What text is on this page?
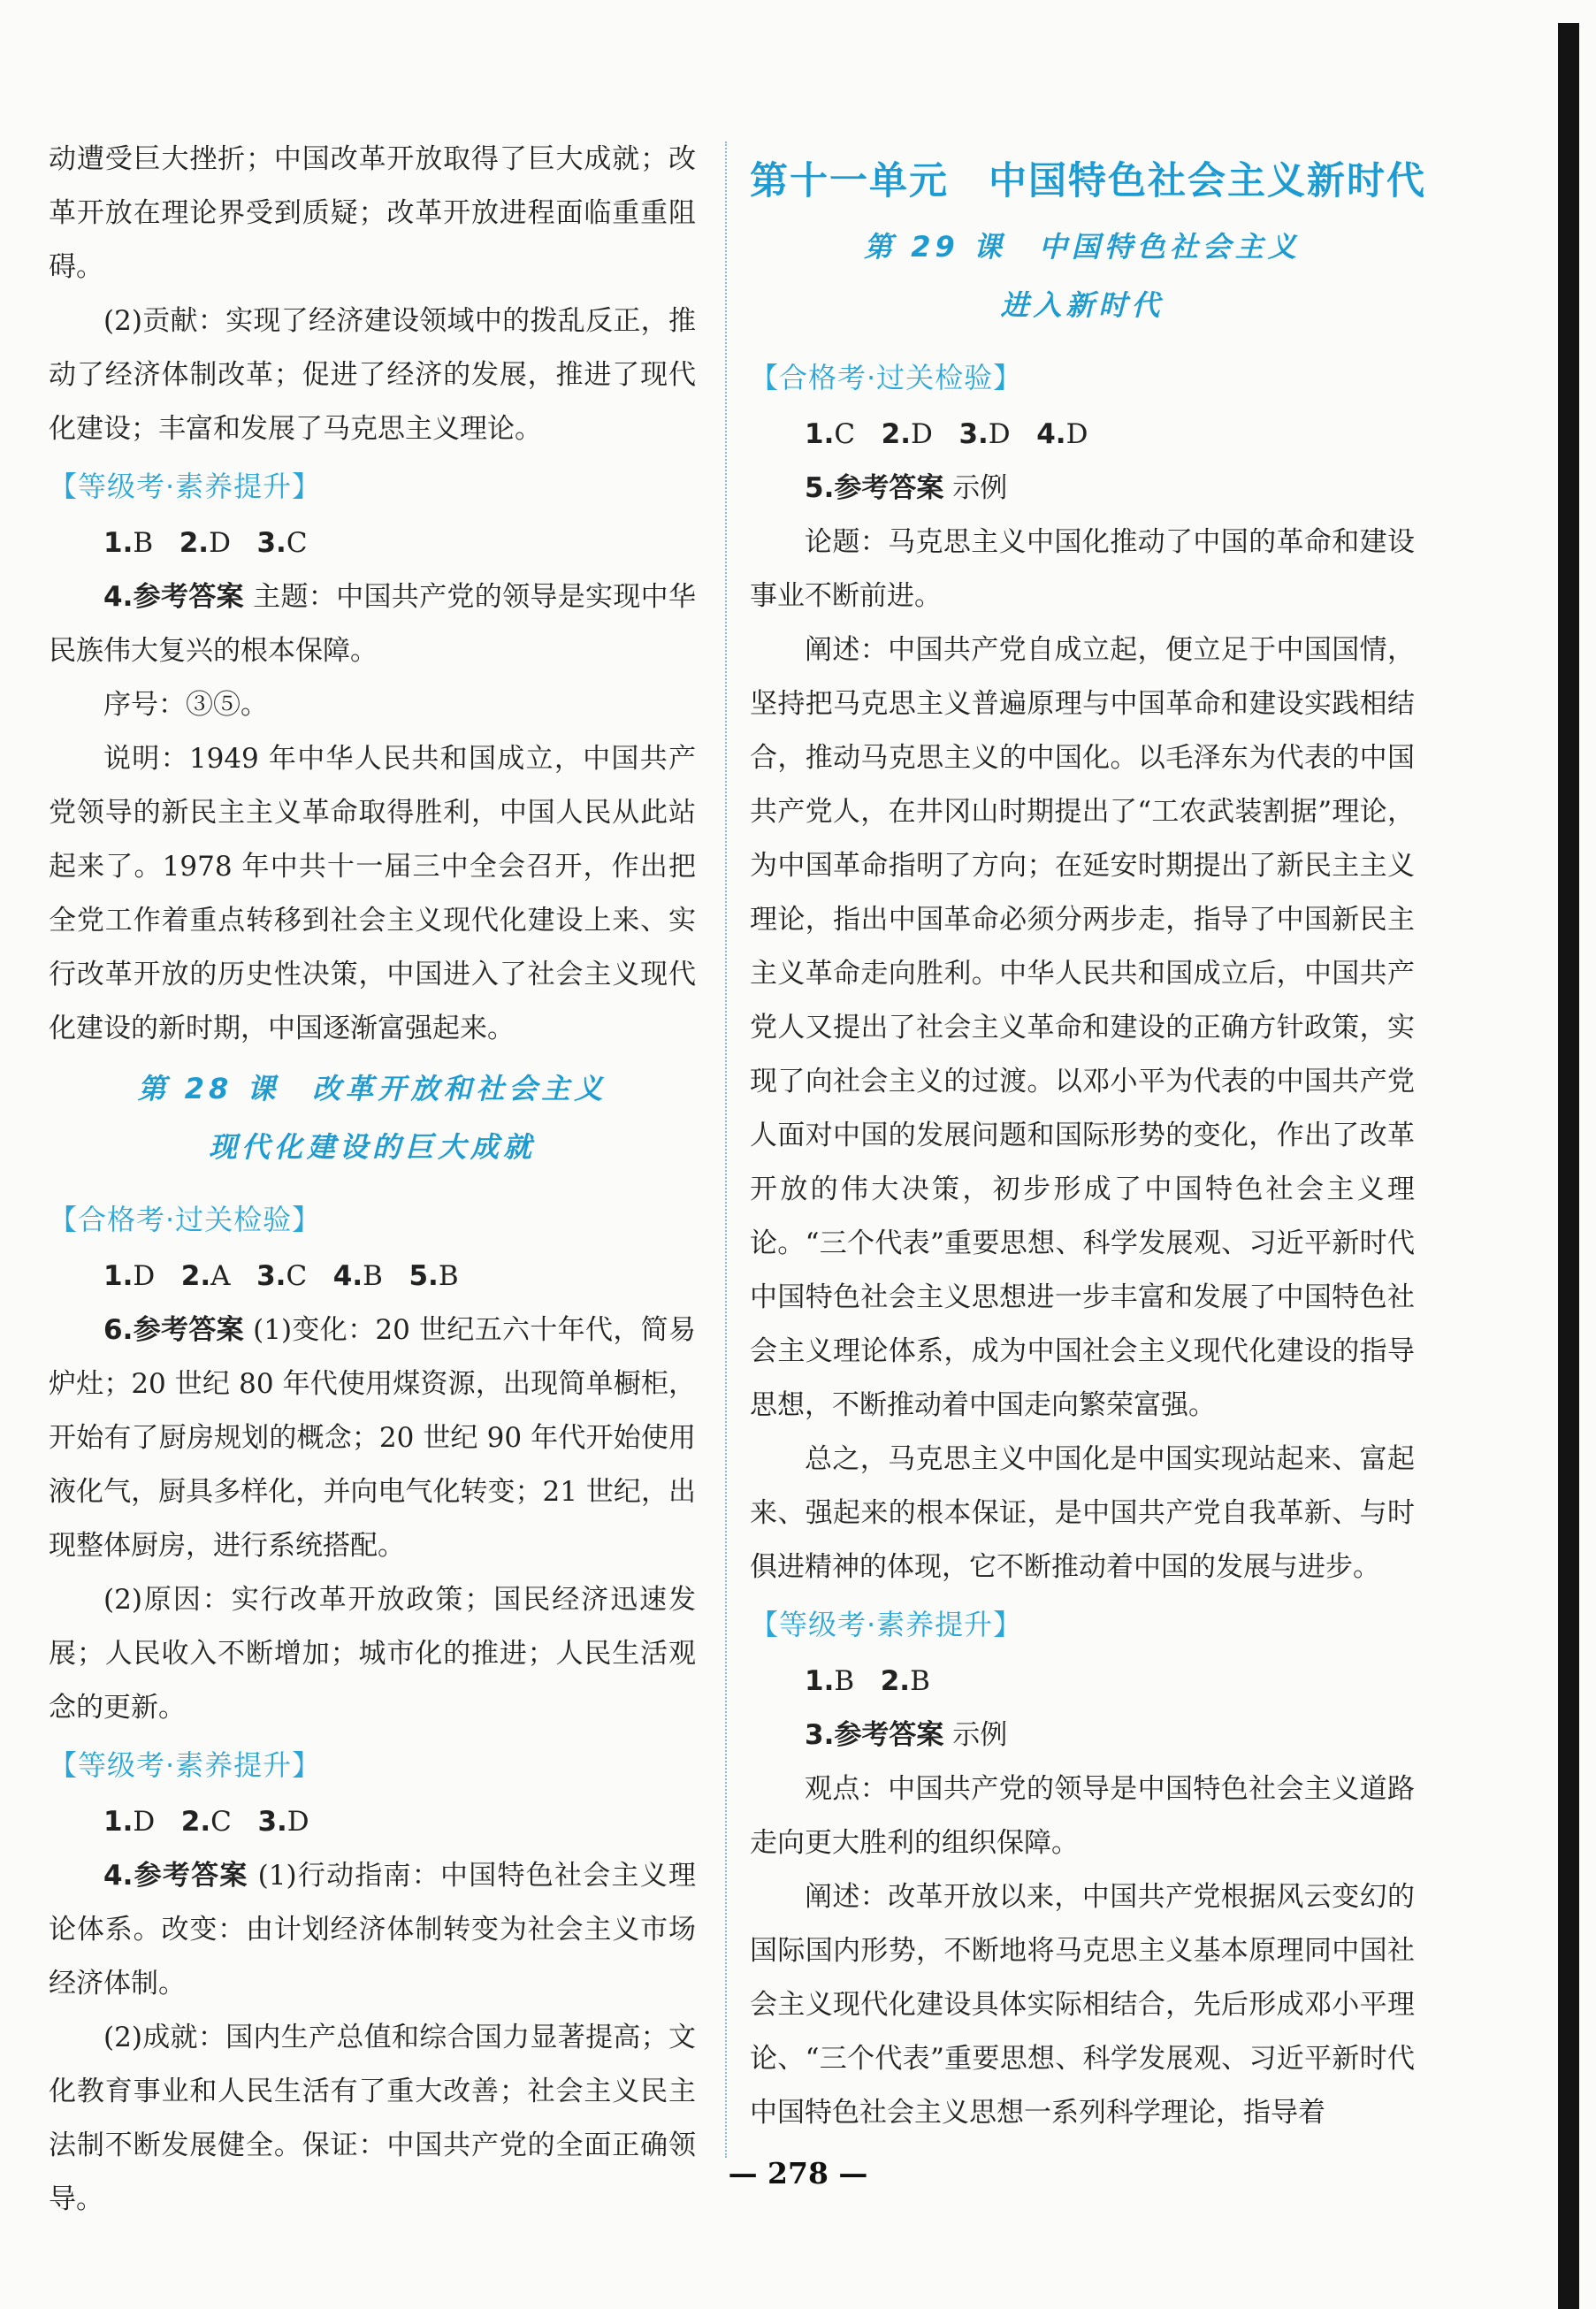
动遭受巨大挫折；中国改革开放取得了巨大成就；改革开放在理论界受到质疑；改革开放进程面临重重阻碍。

(2)贡献：实现了经济建设领域中的拨乱反正，推动了经济体制改革；促进了经济的发展，推进了现代化建设；丰富和发展了马克思主义理论。

【等级考·素养提升】
1.B 2.D 3.C

4.参考答案 主题：中国共产党的领导是实现中华民族伟大复兴的根本保障。

序号：③⑤。

说明：1949 年中华人民共和国成立，中国共产党领导的新民主主义革命取得胜利，中国人民从此站起来了。1978 年中共十一届三中全会召开，作出把全党工作着重点转移到社会主义现代化建设上来、实行改革开放的历史性决策，中国进入了社会主义现代化建设的新时期，中国逐渐富强起来。

第 28 课　改革开放和社会主义
现代化建设的巨大成就
【合格考·过关检验】
1.D 2.A 3.C 4.B 5.B

6.参考答案 (1)变化：20 世纪五六十年代，简易炉灶；20 世纪 80 年代使用煤资源，出现简单橱柜，开始有了厨房规划的概念；20 世纪 90 年代开始使用液化气，厨具多样化，并向电气化转变；21 世纪，出现整体厨房，进行系统搭配。

(2)原因：实行改革开放政策；国民经济迅速发展；人民收入不断增加；城市化的推进；人民生活观念的更新。

【等级考·素养提升】
1.D 2.C 3.D

4.参考答案 (1)行动指南：中国特色社会主义理论体系。改变：由计划经济体制转变为社会主义市场经济体制。

(2)成就：国内生产总值和综合国力显著提高；文化教育事业和人民生活有了重大改善；社会主义民主法制不断发展健全。保证：中国共产党的全面正确领导。

第十一单元　中国特色社会主义新时代
第 29 课　中国特色社会主义
进入新时代
【合格考·过关检验】
1.C 2.D 3.D 4.D

5.参考答案 示例

论题：马克思主义中国化推动了中国的革命和建设事业不断前进。

阐述：中国共产党自成立起，便立足于中国国情，坚持把马克思主义普遍原理与中国革命和建设实践相结合，推动马克思主义的中国化。以毛泽东为代表的中国共产党人，在井冈山时期提出了“工农武装割据”理论，为中国革命指明了方向；在延安时期提出了新民主主义理论，指出中国革命必须分两步走，指导了中国新民主主义革命走向胜利。中华人民共和国成立后，中国共产党人又提出了社会主义革命和建设的正确方针政策，实现了向社会主义的过渡。以邓小平为代表的中国共产党人面对中国的发展问题和国际形势的变化，作出了改革开放的伟大决策，初步形成了中国特色社会主义理论。“三个代表”重要思想、科学发展观、习近平新时代中国特色社会主义思想进一步丰富和发展了中国特色社会主义理论体系，成为中国社会主义现代化建设的指导思想，不断推动着中国走向繁荣富强。

总之，马克思主义中国化是中国实现站起来、富起来、强起来的根本保证，是中国共产党自我革新、与时俱进精神的体现，它不断推动着中国的发展与进步。

【等级考·素养提升】
1.B 2.B

3.参考答案 示例

观点：中国共产党的领导是中国特色社会主义道路走向更大胜利的组织保障。

阐述：改革开放以来，中国共产党根据风云变幻的国际国内形势，不断地将马克思主义基本原理同中国社会主义现代化建设具体实际相结合，先后形成邓小平理论、“三个代表”重要思想、科学发展观、习近平新时代中国特色社会主义思想一系列科学理论，指导着

— 278 —
